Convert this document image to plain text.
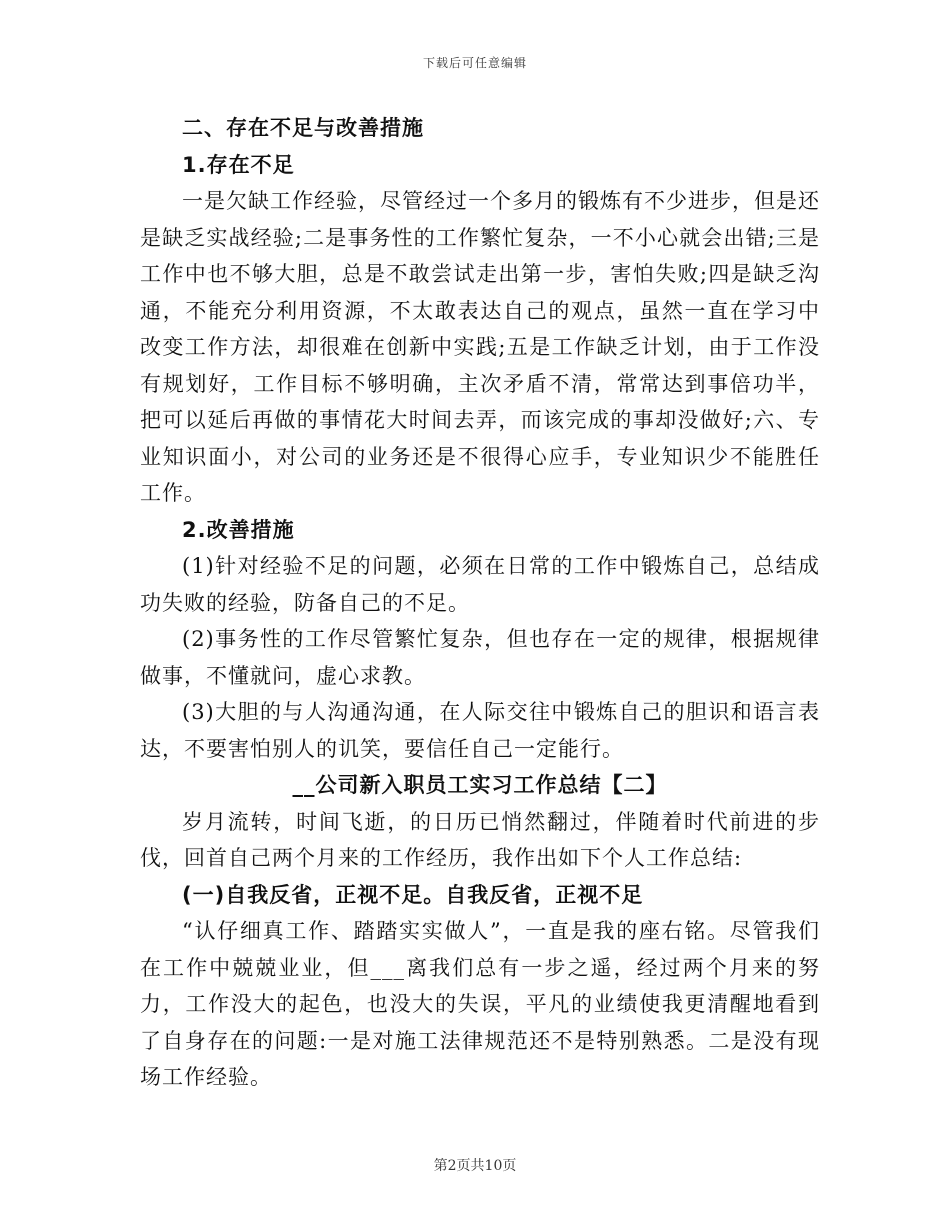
下载后可任意编辑
二、存在不足与改善措施
1.存在不足

一是欠缺工作经验，尽管经过一个多月的锻炼有不少进步，但是还是缺乏实战经验;二是事务性的工作繁忙复杂，一不小心就会出错;三是工作中也不够大胆，总是不敢尝试走出第一步，害怕失败;四是缺乏沟通，不能充分利用资源，不太敢表达自己的观点，虽然一直在学习中改变工作方法，却很难在创新中实践;五是工作缺乏计划，由于工作没有规划好，工作目标不够明确，主次矛盾不清，常常达到事倍功半，把可以延后再做的事情花大时间去弄，而该完成的事却没做好;六、专业知识面小，对公司的业务还是不很得心应手，专业知识少不能胜任工作。

2.改善措施

(1)针对经验不足的问题，必须在日常的工作中锻炼自己，总结成功失败的经验，防备自己的不足。

(2)事务性的工作尽管繁忙复杂，但也存在一定的规律，根据规律做事，不懂就问，虚心求教。

(3)大胆的与人沟通沟通，在人际交往中锻炼自己的胆识和语言表达，不要害怕别人的讥笑，要信任自己一定能行。

__公司新入职员工实习工作总结【二】

岁月流转，时间飞逝，的日历已悄然翻过，伴随着时代前进的步伐，回首自己两个月来的工作经历，我作出如下个人工作总结:

(一)自我反省，正视不足。自我反省，正视不足

“认仔细真工作、踏踏实实做人”，一直是我的座右铭。尽管我们在工作中兢兢业业，但___离我们总有一步之遥，经过两个月来的努力，工作没大的起色，也没大的失误，平凡的业绩使我更清醒地看到了自身存在的问题:一是对施工法律规范还不是特别熟悉。二是没有现场工作经验。

第2页共10页
